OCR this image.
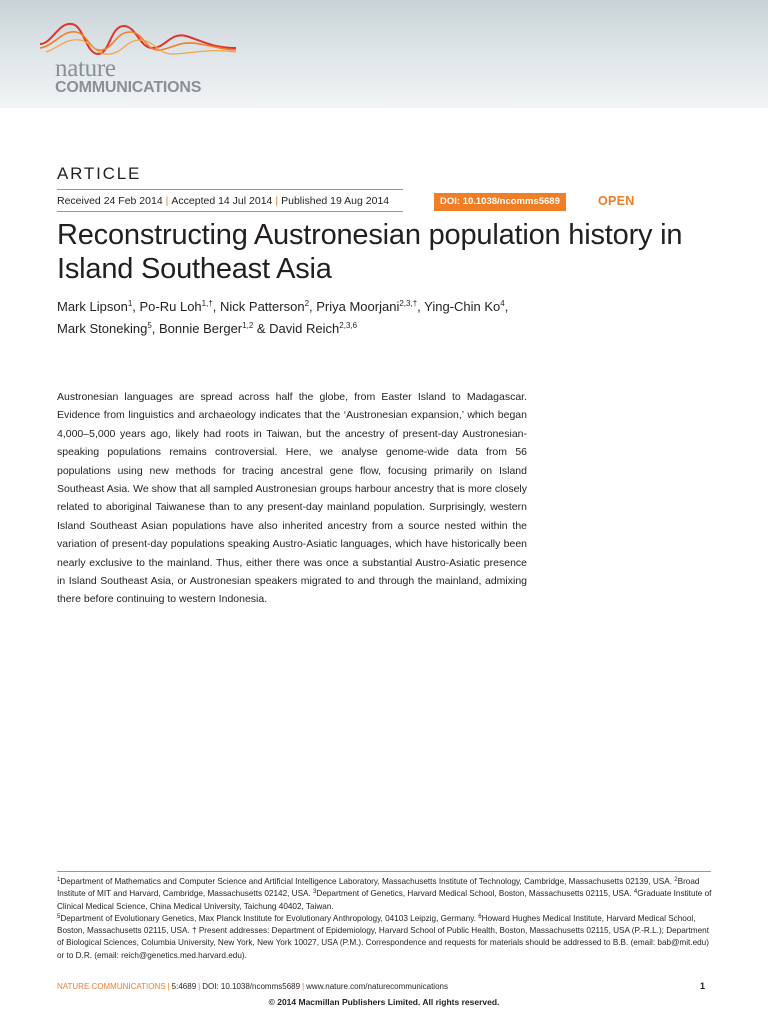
nature
COMMUNICATIONS
ARTICLE
Received 24 Feb 2014 | Accepted 14 Jul 2014 | Published 19 Aug 2014	DOI: 10.1038/ncomms5689	OPEN
Reconstructing Austronesian population history in Island Southeast Asia
Mark Lipson$^1$, Po-Ru Loh$^{1,\dagger}$, Nick Patterson$^2$, Priya Moorjani$^{2,3,\dagger}$, Ying-Chin Ko$^4$,
Mark Stoneking$^5$, Bonnie Berger$^{1,2}$ & David Reich$^{2,3,6}$

Austronesian languages are spread across half the globe, from Easter Island to Madagascar. Evidence from linguistics and archaeology indicates that the ‘Austronesian expansion,’ which began 4,000–5,000 years ago, likely had roots in Taiwan, but the ancestry of present-day Austronesian-speaking populations remains controversial. Here, we analyse genome-wide data from 56 populations using new methods for tracing ancestral gene flow, focusing primarily on Island Southeast Asia. We show that all sampled Austronesian groups harbour ancestry that is more closely related to aboriginal Taiwanese than to any present-day mainland population. Surprisingly, western Island Southeast Asian populations have also inherited ancestry from a source nested within the variation of present-day populations speaking Austro-Asiatic languages, which have historically been nearly exclusive to the mainland. Thus, either there was once a substantial Austro-Asiatic presence in Island Southeast Asia, or Austronesian speakers migrated to and through the mainland, admixing there before continuing to western Indonesia.

$^1$Department of Mathematics and Computer Science and Artificial Intelligence Laboratory, Massachusetts Institute of Technology, Cambridge, Massachusetts 02139, USA. $^2$Broad Institute of MIT and Harvard, Cambridge, Massachusetts 02142, USA. $^3$Department of Genetics, Harvard Medical School, Boston, Massachusetts 02115, USA. $^4$Graduate Institute of Clinical Medical Science, China Medical University, Taichung 40402, Taiwan.
$^5$Department of Evolutionary Genetics, Max Planck Institute for Evolutionary Anthropology, 04103 Leipzig, Germany. $^6$Howard Hughes Medical Institute, Harvard Medical School, Boston, Massachusetts 02115, USA. † Present addresses: Department of Epidemiology, Harvard School of Public Health, Boston, Massachusetts 02115, USA (P.-R.L.); Department of Biological Sciences, Columbia University, New York, New York 10027, USA (P.M.). Correspondence and requests for materials should be addressed to B.B. (email: bab@mit.edu) or to D.R. (email: reich@genetics.med.harvard.edu).

NATURE COMMUNICATIONS | 5:4689 | DOI: 10.1038/ncomms5689 | www.nature.com/naturecommunications	1
© 2014 Macmillan Publishers Limited. All rights reserved.
